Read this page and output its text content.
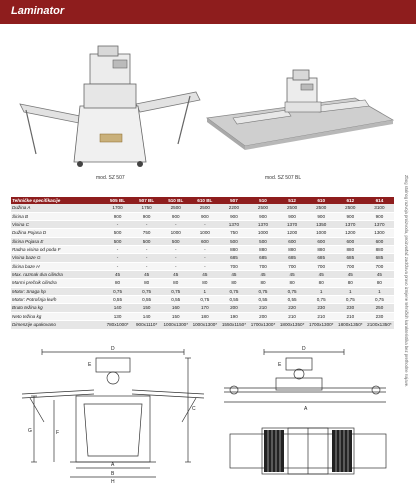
Laminator
mod. SZ 507	mod. SZ 507 BL	Zbog stalnog razvoja proizvoda, proizvođač zadržava pravo izmjene tehničkih karakteristika bez prethodne najave.
Tehničke specifikacije	505 BL	507 BL	510 BL	610 BL	507	510	512	610	612	614
Dužina A	1700	1750	2500	2500	2200	2500	2500	2500	2500	3100
Širina B	900	900	900	900	900	900	900	900	900	900
Visina C	-	-	-	-	1370	1370	1370	1350	1370	1370
Dužina Pojasa D	500	750	1000	1000	750	1000	1200	1000	1200	1300
Širina Pojasa E	500	500	500	600	500	500	600	600	600	600
Radna visina od poda F	-	-	-	-	880	880	880	880	880	880
Visina baze G	-	-	-	-	685	685	685	685	685	685
Širina baze H	-	-	-	-	700	700	700	700	700	700
Max. razmak dva cilindra	45	45	45	45	45	45	45	45	45	45
Marmi prečnik cilindra	80	80	80	80	80	80	80	80	80	80
Motor: Snaga hp	0,75	0,75	0,75	1	0,75	0,75	0,75	1	1	1
Motor: Potrošnja kw/h	0,55	0,55	0,55	0,75	0,55	0,55	0,55	0,75	0,75	0,75
Bruto težina kg	140	150	160	170	200	210	220	230	230	250
Neto težina kg	130	140	150	180	190	200	210	210	210	230
Dimenzije upakovano	780x1000*	900x1110*	1000x1300*	1000x1300*	1550x1150*	1700x1300*	1800x1350*	1700x1300*	1800x1350*	2100x1350*
D
E
F
G
A
B
H
C
D
E
A
